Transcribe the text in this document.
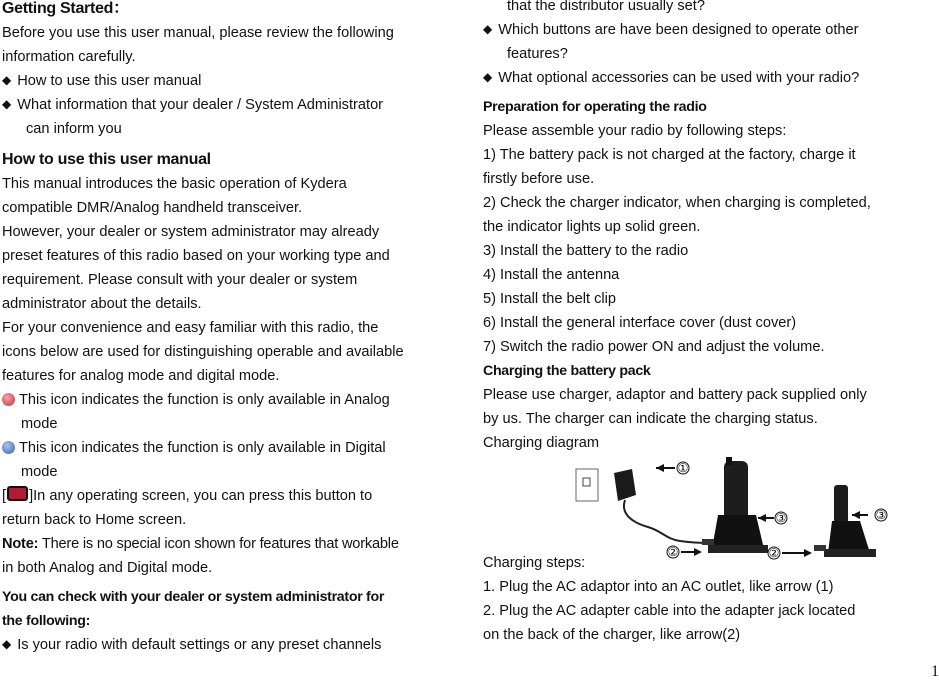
Getting Started：
Before you use this user manual, please review the following
information carefully.
◆ How to use this user manual
◆ What information that your dealer / System Administrator
can inform you
How to use this user manual
This manual introduces the basic operation of Kydera
compatible DMR/Analog handheld transceiver.
However, your dealer or system administrator may already
preset features of this radio based on your working type and
requirement. Please consult with your dealer or system
administrator about the details.
For your convenience and easy familiar with this radio, the
icons below are used for distinguishing operable and available
features for analog mode and digital mode.
This icon indicates the function is only available in Analog
mode
This icon indicates the function is only available in Digital
mode
[ ]In any operating screen, you can press this button to
return back to Home screen.
Note: There is no special icon shown for features that workable
in both Analog and Digital mode.
You can check with your dealer or system administrator for
the following:
◆ Is your radio with default settings or any preset channels
that the distributor usually set?
◆ Which buttons are have been designed to operate other
features?
◆ What optional accessories can be used with your radio?
Preparation for operating the radio
Please assemble your radio by following steps:
1) The battery pack is not charged at the factory, charge it
firstly before use.
2) Check the charger indicator, when charging is completed,
the indicator lights up solid green.
3) Install the battery to the radio
4) Install the antenna
5) Install the belt clip
6) Install the general interface cover (dust cover)
7) Switch the radio power ON and adjust the volume.
Charging the battery pack
Please use charger, adaptor and battery pack supplied only
by us. The charger can indicate the charging status.
Charging diagram
Charging steps:
1. Plug the AC adaptor into an AC outlet, like arrow (1)
2. Plug the AC adapter cable into the adapter jack located
on the back of the charger, like arrow(2)
①
③
②
③
②
1
